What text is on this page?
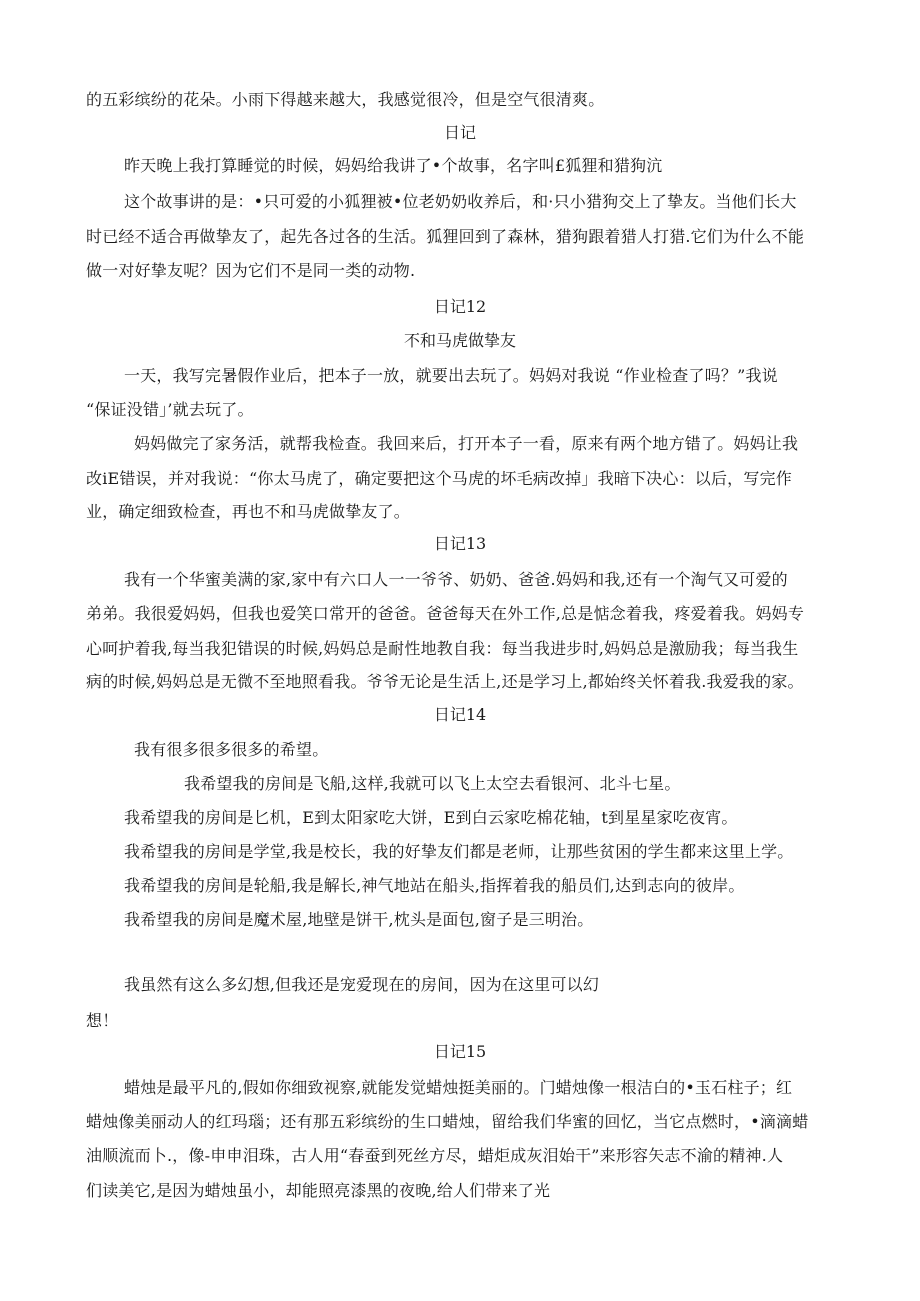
的五彩缤纷的花朵。小雨下得越来越大，我感觉很冷，但是空气很清爽。
日记
昨天晚上我打算睡觉的时候，妈妈给我讲了•个故事，名字叫£狐狸和猎狗沆
这个故事讲的是：•只可爱的小狐狸被•位老奶奶收养后，和·只小猎狗交上了挚友。当他们长大
时已经不适合再做挚友了，起先各过各的生活。狐狸回到了森林，猎狗跟着猎人打猎.它们为什么不能
做一对好挚友呢？因为它们不是同一类的动物.
日记12
不和马虎做挚友
一天，我写完暑假作业后，把本子一放，就要出去玩了。妈妈对我说 “作业检查了吗？”我说
“保证没错」’就去玩了。
妈妈做完了家务活，就帮我检查。我回来后，打开本子一看，原来有两个地方错了。妈妈让我
改iE错误，并对我说：“你太马虎了，确定要把这个马虎的坏毛病改掉」我暗下决心：以后，写完作
业，确定细致检查，再也不和马虎做挚友了。
日记13
我有一个华蜜美满的家,家中有六口人一一爷爷、奶奶、爸爸.妈妈和我,还有一个淘气又可爱的
弟弟。我很爱妈妈，但我也爱笑口常开的爸爸。爸爸每天在外工作,总是惦念着我，疼爱着我。妈妈专
心呵护着我,每当我犯错误的时候,妈妈总是耐性地教自我：每当我进步时,妈妈总是激励我；每当我生
病的时候,妈妈总是无微不至地照看我。爷爷无论是生活上,还是学习上,都始终关怀着我.我爱我的家。
日记14
我有很多很多很多的希望。
我希望我的房间是飞船,这样,我就可以飞上太空去看银河、北斗七星。
我希望我的房间是匕机，E到太阳家吃大饼，E到白云家吃棉花轴，t到星星家吃夜宵。
我希望我的房间是学堂,我是校长，我的好挚友们都是老师，让那些贫困的学生都来这里上学。
我希望我的房间是轮船,我是解长,神气地站在船头,指挥着我的船员们,达到志向的彼岸。
我希望我的房间是魔术屋,地壁是饼干,枕头是面包,窗子是三明治。
我虽然有这么多幻想,但我还是宠爱现在的房间，因为在这里可以幻
想！
日记15
蜡烛是最平凡的,假如你细致视察,就能发觉蜡烛挺美丽的。门蜡烛像一根洁白的•玉石柱子；红
蜡烛像美丽动人的红玛瑙；还有那五彩缤纷的生口蜡烛，留给我们华蜜的回忆，当它点燃时，•滴滴蜡
油顺流而卜.，像-申申泪珠，古人用“春蚕到死丝方尽，蜡炬成灰泪始干”来形容矢志不渝的精神.人
们读美它,是因为蜡烛虽小，却能照亮漆黑的夜晚,给人们带来了光
